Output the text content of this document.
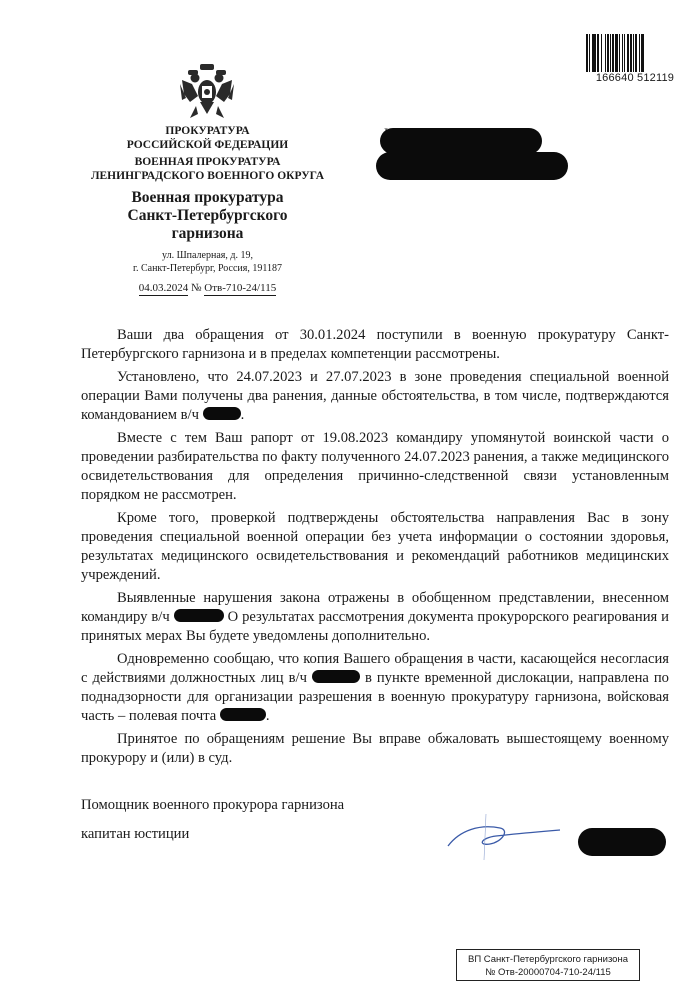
166640 512119
ПРОКУРАТУРА
РОССИЙСКОЙ ФЕДЕРАЦИИ
ВОЕННАЯ ПРОКУРАТУРА
ЛЕНИНГРАДСКОГО ВОЕННОГО ОКРУГА
Военная прокуратура
Санкт-Петербургского
гарнизона
ул. Шпалерная, д. 19,
г. Санкт-Петербург, Россия, 191187
04.03.2024 № Отв-710-24/115

Ваши два обращения от 30.01.2024 поступили в военную прокуратуру Санкт-Петербургского гарнизона и в пределах компетенции рассмотрены.

Установлено, что 24.07.2023 и 27.07.2023 в зоне проведения специальной военной операции Вами получены два ранения, данные обстоятельства, в том числе, подтверждаются командованием в/ч	.

Вместе с тем Ваш рапорт от 19.08.2023 командиру упомянутой воинской части о проведении разбирательства по факту полученного 24.07.2023 ранения, а также медицинского освидетельствования для определения причинно-следственной связи установленным порядком не рассмотрен.

Кроме того, проверкой подтверждены обстоятельства направления Вас в зону проведения специальной военной операции без учета информации о состоянии здоровья, результатах медицинского освидетельствования и рекомендаций работников медицинских учреждений.

Выявленные нарушения закона отражены в обобщенном представлении, внесенном командиру в/ч	О результатах рассмотрения документа прокурорского реагирования и принятых мерах Вы будете уведомлены дополнительно.

Одновременно сообщаю, что копия Вашего обращения в части, касающейся несогласия с действиями должностных лиц в/ч	в пункте временной дислокации, направлена по поднадзорности для организации разрешения в военную прокуратуру гарнизона, войсковая часть – полевая почта	.

Принятое по обращениям решение Вы вправе обжаловать вышестоящему военному прокурору и (или) в суд.

Помощник военного прокурора гарнизона
капитан юстиции
ВП Санкт-Петербургского гарнизона
№ Отв-20000704-710-24/115
